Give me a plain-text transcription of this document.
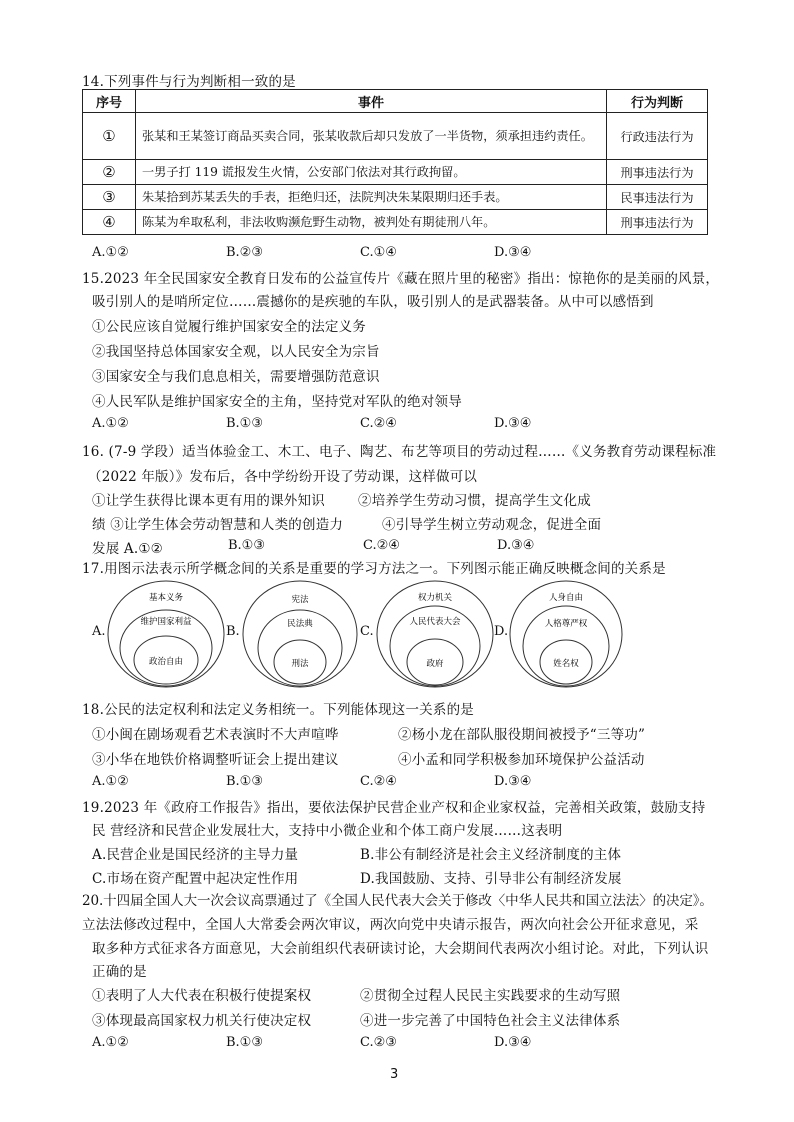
14.下列事件与行为判断相一致的是
序号	事件	行为判断
①	张某和王某签订商品买卖合同，张某收款后却只发放了一半货物，须承担违约责任。	行政违法行为
②	一男子打 119 谎报发生火情，公安部门依法对其行政拘留。	刑事违法行为
③	朱某拾到苏某丢失的手表，拒绝归还，法院判决朱某限期归还手表。	民事违法行为
④	陈某为牟取私利，非法收购濒危野生动物，被判处有期徒刑八年。	刑事违法行为
A.①②	B.②③	C.①④	D.③④
15.2023 年全民国家安全教育日发布的公益宣传片《藏在照片里的秘密》指出：惊艳你的是美丽的风景，
吸引别人的是哨所定位……震撼你的是疾驰的车队，吸引别人的是武器装备。从中可以感悟到
①公民应该自觉履行维护国家安全的法定义务
②我国坚持总体国家安全观，以人民安全为宗旨
③国家安全与我们息息相关，需要增强防范意识
④人民军队是维护国家安全的主角，坚持党对军队的绝对领导
A.①②	B.①③	C.②④	D.③④
16. (7-9 学段）适当体验金工、木工、电子、陶艺、布艺等项目的劳动过程……《义务教育劳动课程标准
（2022 年版）》发布后，各中学纷纷开设了劳动课，这样做可以
①让学生获得比课本更有用的课外知识 ②培养学生劳动习惯，提高学生文化成
绩 ③让学生体会劳动智慧和人类的创造力	④引导学生树立劳动观念，促进全面
发展 A.①②	B.①③	C.②④	D.③④
17.用图示法表示所学概念间的关系是重要的学习方法之一。下列图示能正确反映概念间的关系是
A.
基本义务
维护国家利益
政治自由
B.
宪法
民法典
刑法
C.
权力机关
人民代表大会
政府
D.
人身自由
人格尊严权
姓名权
18.公民的法定权利和法定义务相统一。下列能体现这一关系的是
①小闽在剧场观看艺术表演时不大声喧哗	②杨小龙在部队服役期间被授予“三等功”
③小华在地铁价格调整听证会上提出建议	④小孟和同学积极参加环境保护公益活动
A.①②	B.①③	C.②④	D.③④
19.2023 年《政府工作报告》指出，要依法保护民营企业产权和企业家权益，完善相关政策，鼓励支持
民 营经济和民营企业发展壮大，支持中小微企业和个体工商户发展……这表明
A.民营企业是国民经济的主导力量	B.非公有制经济是社会主义经济制度的主体
C.市场在资产配置中起决定性作用	D.我国鼓励、支持、引导非公有制经济发展
20.十四届全国人大一次会议高票通过了《全国人民代表大会关于修改〈中华人民共和国立法法〉的决定》。
立法法修改过程中，全国人大常委会两次审议，两次向党中央请示报告，两次向社会公开征求意见，采
取多种方式征求各方面意见，大会前组织代表研读讨论，大会期间代表两次小组讨论。对此，下列认识
正确的是
①表明了人大代表在积极行使提案权	②贯彻全过程人民民主实践要求的生动写照
③体现最高国家权力机关行使决定权	④进一步完善了中国特色社会主义法律体系
A.①②	B.①③	C.②③	D.③④
3
